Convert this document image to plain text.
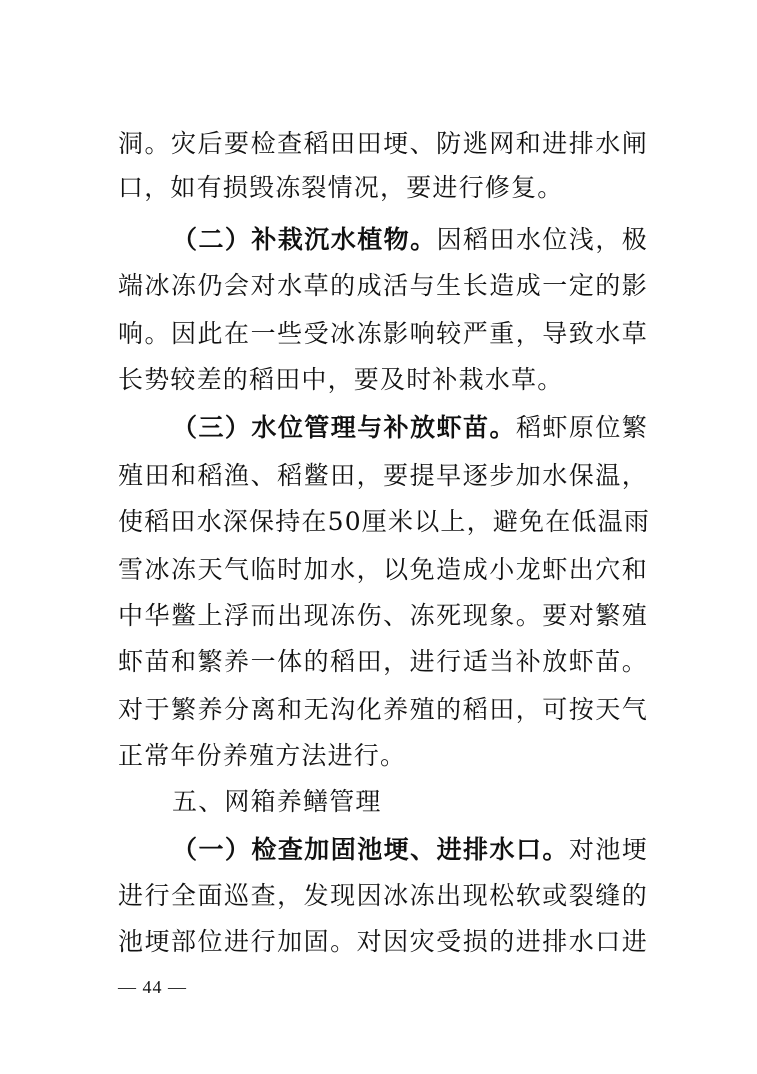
洞。灾后要检查稻田田埂、防逃网和进排水闸
口，如有损毁冻裂情况，要进行修复。
（二）补栽沉水植物。因稻田水位浅，极
端冰冻仍会对水草的成活与生长造成一定的影
响。因此在一些受冰冻影响较严重，导致水草
长势较差的稻田中，要及时补栽水草。
（三）水位管理与补放虾苗。稻虾原位繁
殖田和稻渔、稻鳖田，要提早逐步加水保温，
使稻田水深保持在50厘米以上，避免在低温雨
雪冰冻天气临时加水，以免造成小龙虾出穴和
中华鳖上浮而出现冻伤、冻死现象。要对繁殖
虾苗和繁养一体的稻田，进行适当补放虾苗。
对于繁养分离和无沟化养殖的稻田，可按天气
正常年份养殖方法进行。
五、网箱养鳝管理
（一）检查加固池埂、进排水口。对池埂
进行全面巡查，发现因冰冻出现松软或裂缝的
池埂部位进行加固。对因灾受损的进排水口进
— 44 —
